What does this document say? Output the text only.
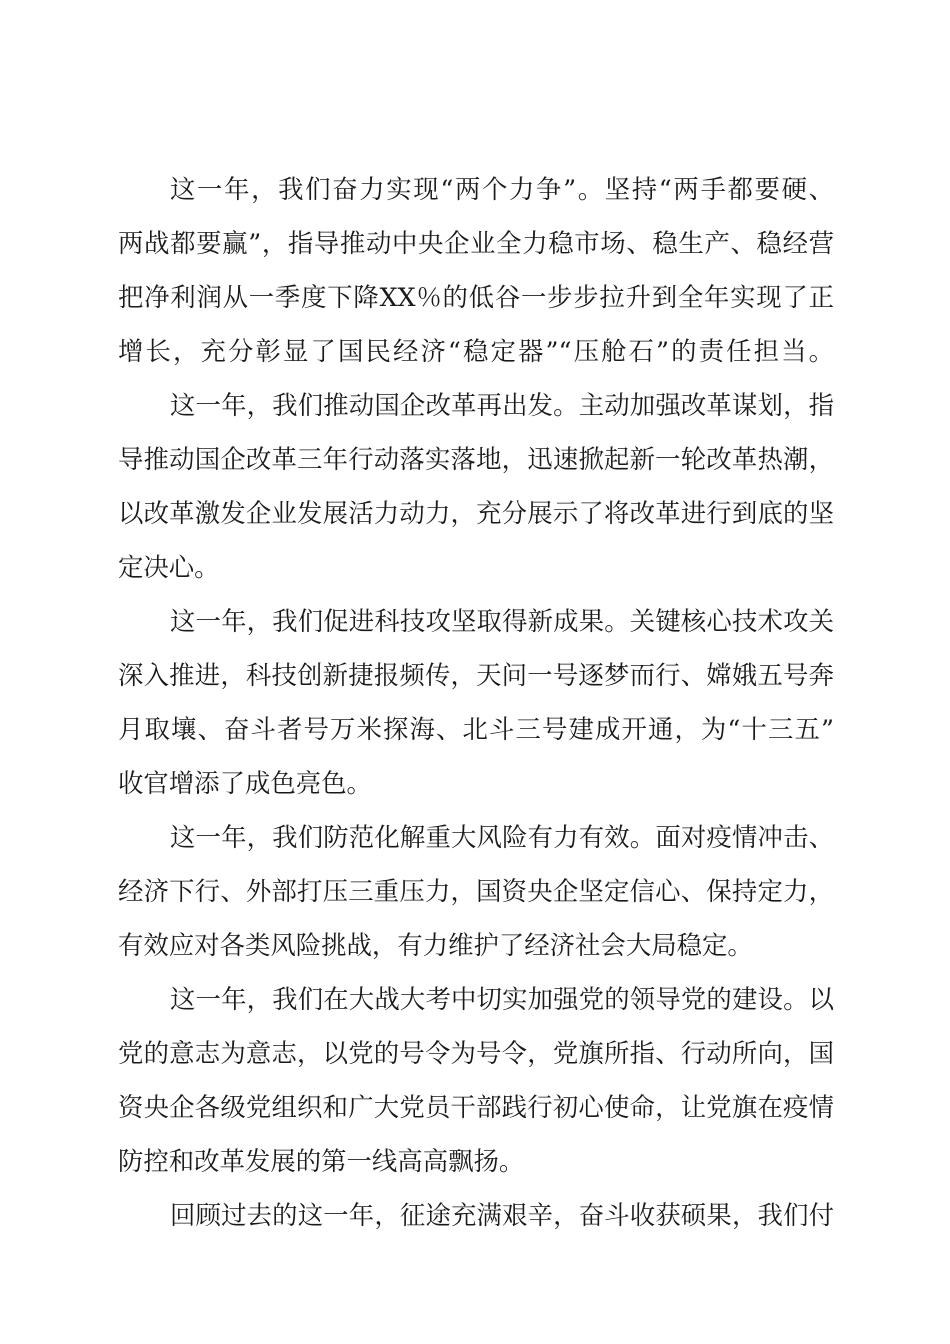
这一年，我们奋力实现“两个力争”。坚持“两手都要硬、
两战都要赢”，指导推动中央企业全力稳市场、稳生产、稳经营
把净利润从一季度下降XX％的低谷一步步拉升到全年实现了正
增长，充分彰显了国民经济“稳定器”“压舱石”的责任担当。

这一年，我们推动国企改革再出发。主动加强改革谋划，指
导推动国企改革三年行动落实落地，迅速掀起新一轮改革热潮，
以改革激发企业发展活力动力，充分展示了将改革进行到底的坚
定决心。

这一年，我们促进科技攻坚取得新成果。关键核心技术攻关
深入推进，科技创新捷报频传，天问一号逐梦而行、嫦娥五号奔
月取壤、奋斗者号万米探海、北斗三号建成开通，为“十三五”
收官增添了成色亮色。

这一年，我们防范化解重大风险有力有效。面对疫情冲击、
经济下行、外部打压三重压力，国资央企坚定信心、保持定力，
有效应对各类风险挑战，有力维护了经济社会大局稳定。

这一年，我们在大战大考中切实加强党的领导党的建设。以
党的意志为意志，以党的号令为号令，党旗所指、行动所向，国
资央企各级党组织和广大党员干部践行初心使命，让党旗在疫情
防控和改革发展的第一线高高飘扬。

回顾过去的这一年，征途充满艰辛，奋斗收获硕果，我们付
